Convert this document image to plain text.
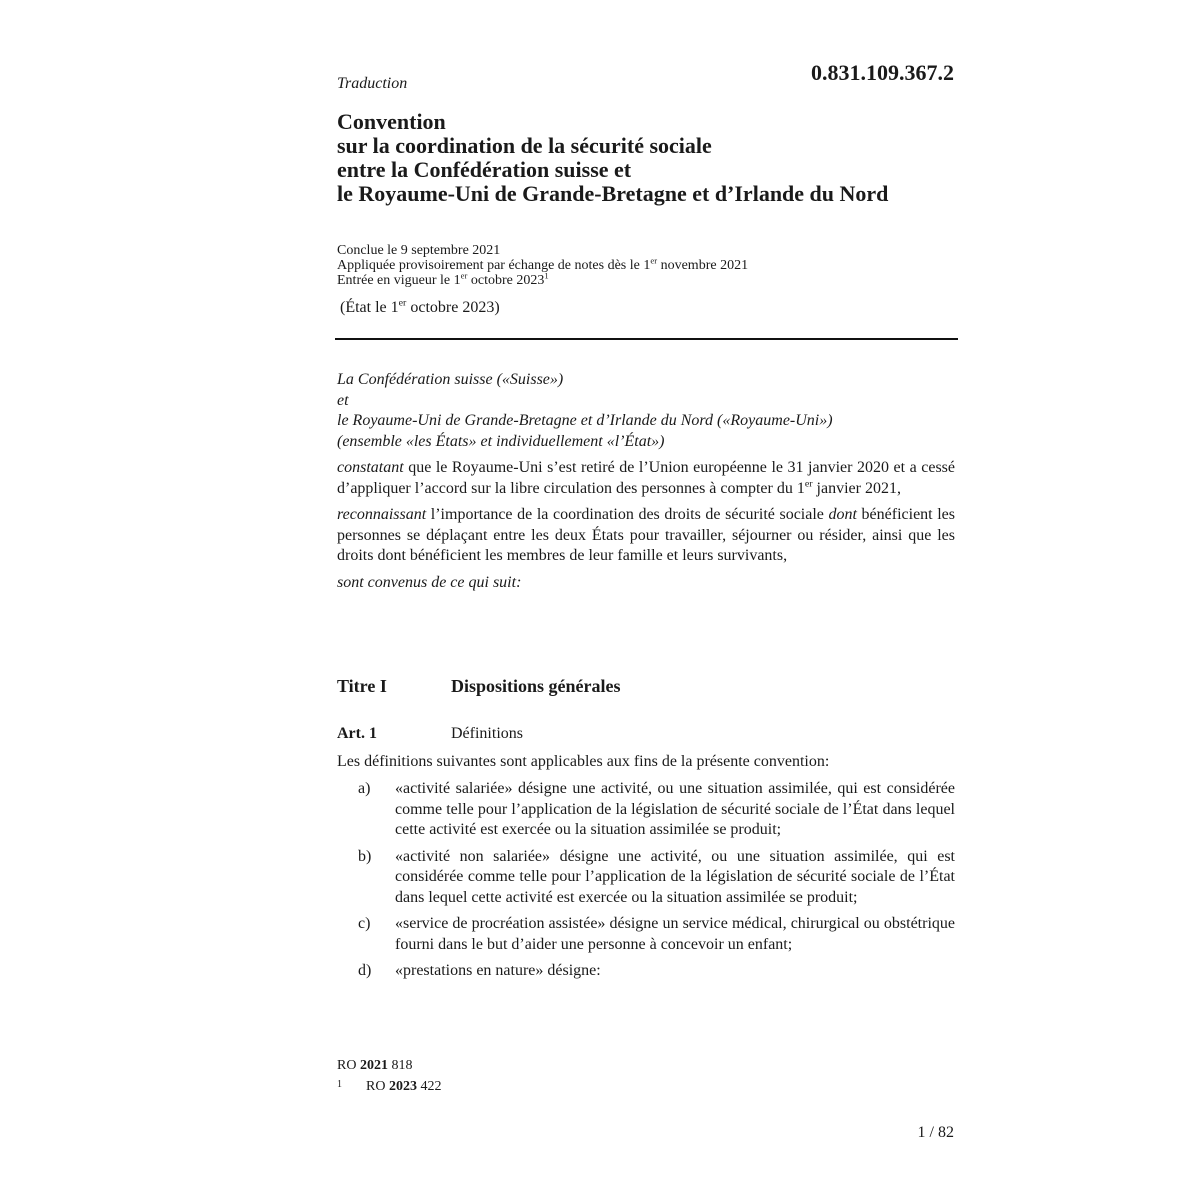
0.831.109.367.2
Traduction
Convention
sur la coordination de la sécurité sociale
entre la Confédération suisse et
le Royaume-Uni de Grande-Bretagne et d’Irlande du Nord
Conclue le 9 septembre 2021
Appliquée provisoirement par échange de notes dès le 1er novembre 2021
Entrée en vigueur le 1er octobre 2023$^1$
(État le 1er octobre 2023)

La Confédération suisse («Suisse»)

et

le Royaume-Uni de Grande-Bretagne et d’Irlande du Nord («Royaume-Uni»)

(ensemble «les États» et individuellement «l’État»)

constatant que le Royaume-Uni s’est retiré de l’Union européenne le 31 janvier 2020 et a cessé d’appliquer l’accord sur la libre circulation des personnes à compter du 1er janvier 2021,

reconnaissant l’importance de la coordination des droits de sécurité sociale dont bénéficient les personnes se déplaçant entre les deux États pour travailler, séjourner ou résider, ainsi que les droits dont bénéficient les membres de leur famille et leurs survivants,

sont convenus de ce qui suit:

Titre I	Dispositions générales
Art. 1	Définitions
Les définitions suivantes sont applicables aux fins de la présente convention:
a)	«activité salariée» désigne une activité, ou une situation assimilée, qui est considérée comme telle pour l’application de la législation de sécurité sociale de l’État dans lequel cette activité est exercée ou la situation assimilée se produit;
b)	«activité non salariée» désigne une activité, ou une situation assimilée, qui est considérée comme telle pour l’application de la législation de sécurité sociale de l’État dans lequel cette activité est exercée ou la situation assimilée se produit;
c)	«service de procréation assistée» désigne un service médical, chirurgical ou obstétrique fourni dans le but d’aider une personne à concevoir un enfant;
d)	«prestations en nature» désigne:
RO 2021 818
$^1$ RO 2023 422
1 / 82
